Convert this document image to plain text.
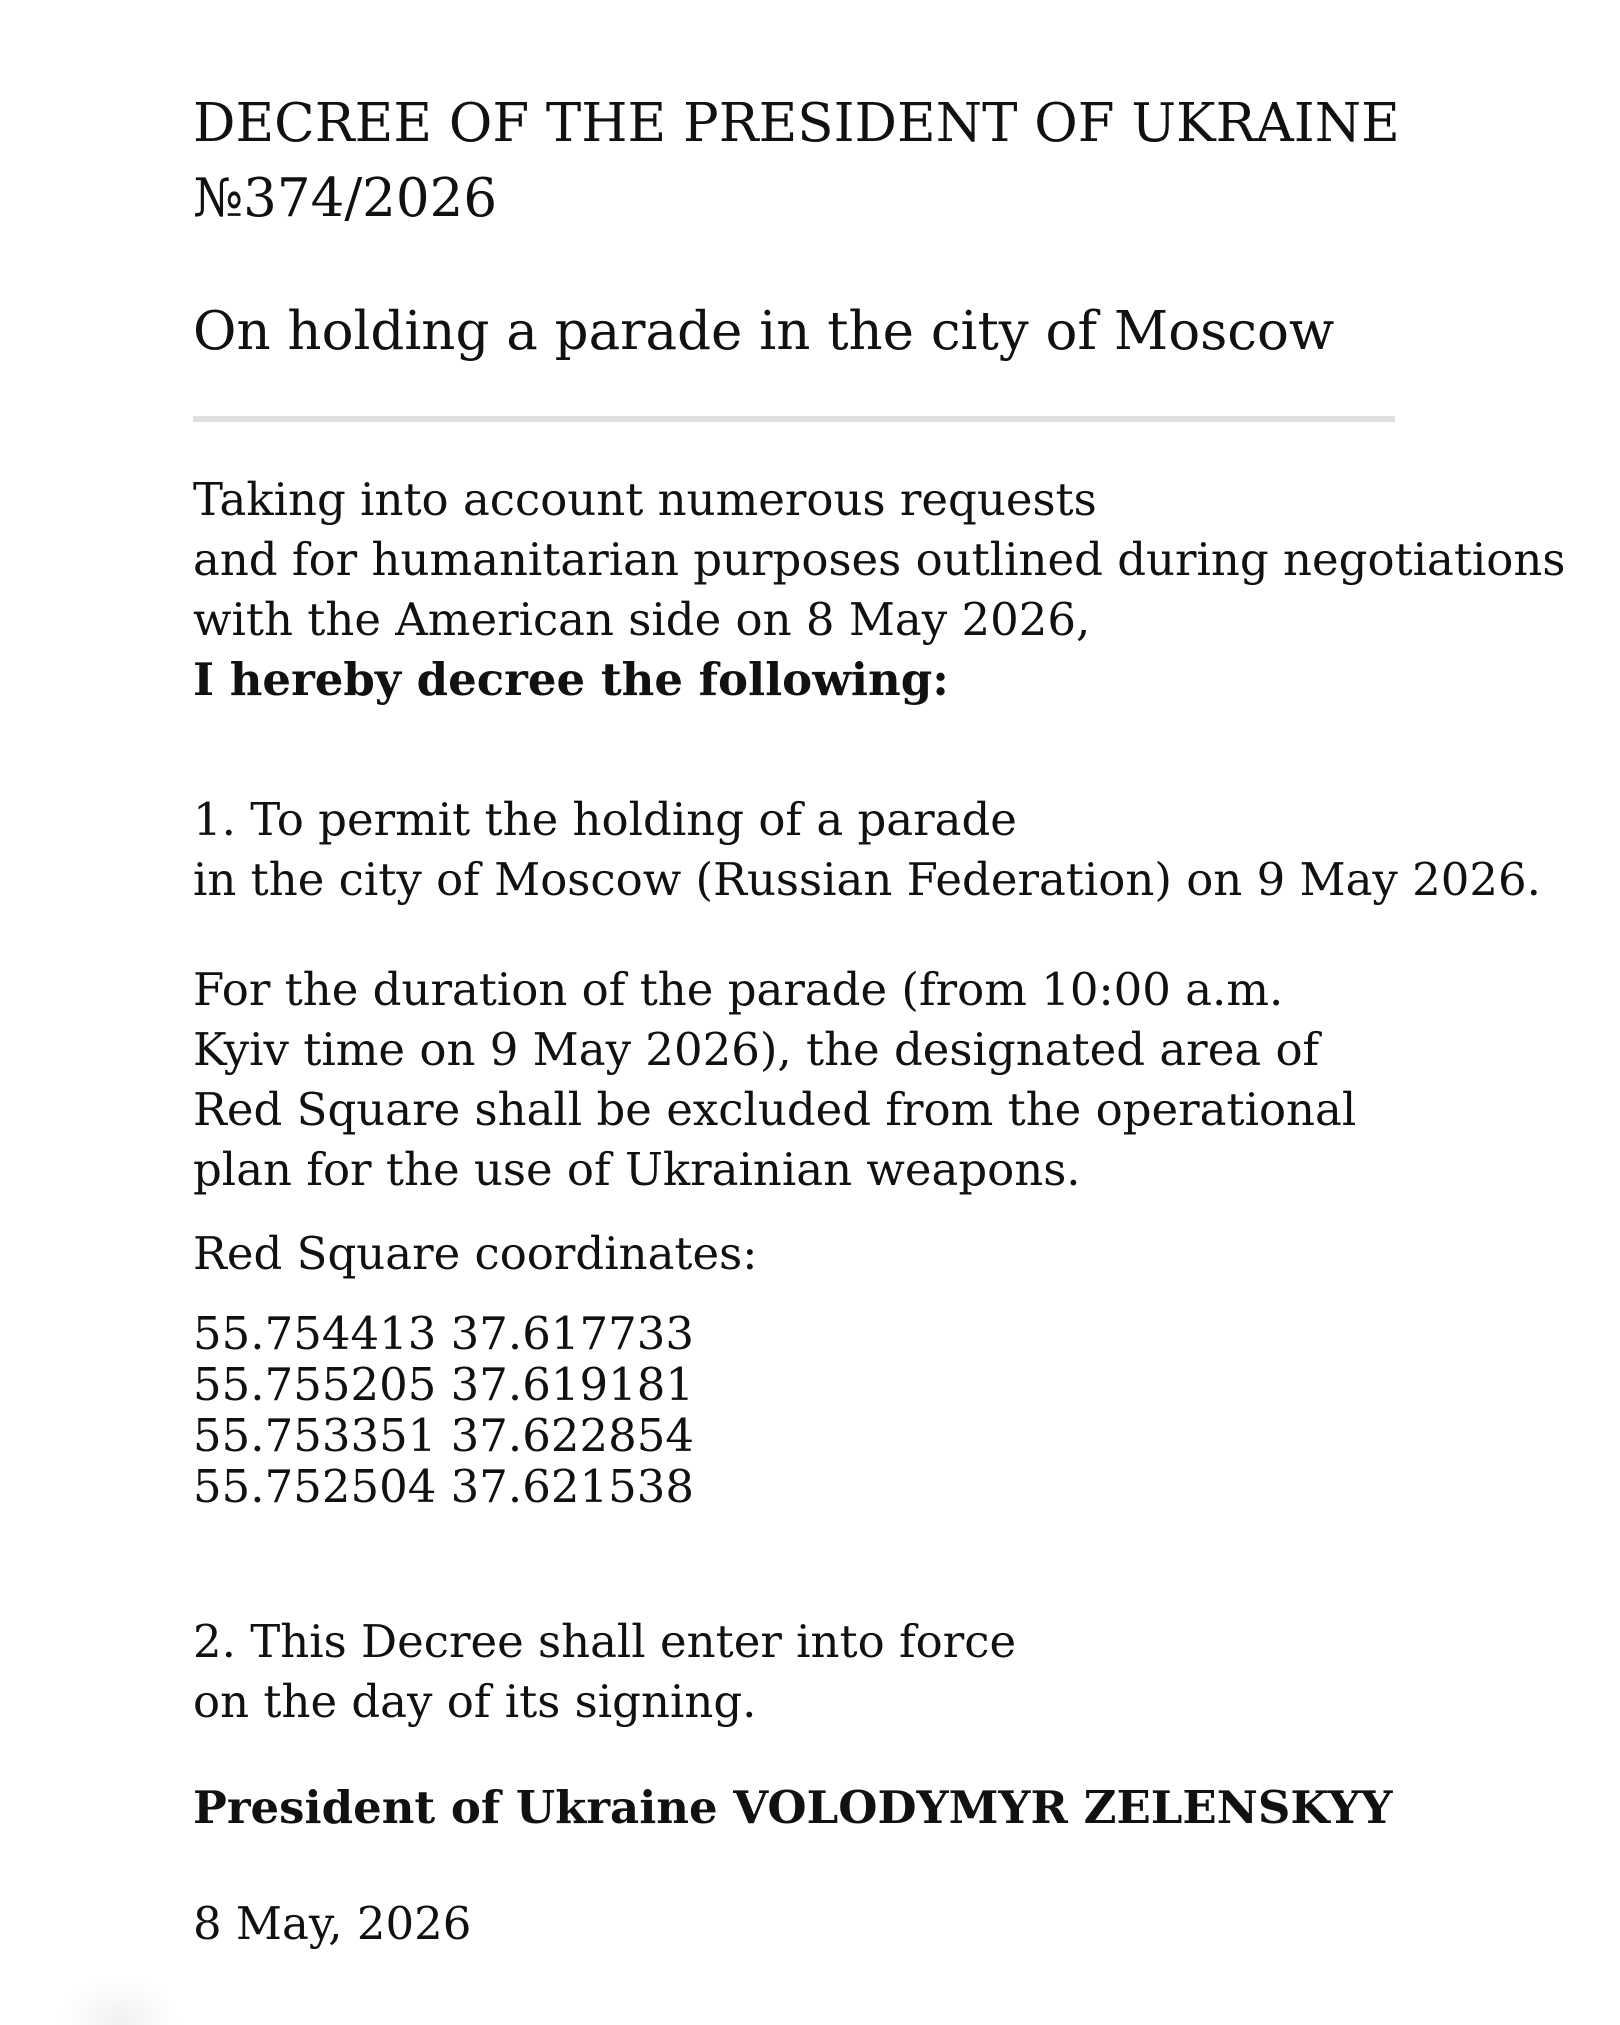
DECREE OF THE PRESIDENT OF UKRAINE

№374/2026

On holding a parade in the city of Moscow

Taking into account numerous requests
and for humanitarian purposes outlined during negotiations
with the American side on 8 May 2026,
I hereby decree the following:
1. To permit the holding of a parade
in the city of Moscow (Russian Federation) on 9 May 2026.
For the duration of the parade (from 10:00 a.m.
Kyiv time on 9 May 2026), the designated area of
Red Square shall be excluded from the operational
plan for the use of Ukrainian weapons.
Red Square coordinates:
55.754413 37.617733
55.755205 37.619181
55.753351 37.622854
55.752504 37.621538
2. This Decree shall enter into force
on the day of its signing.
President of Ukraine VOLODYMYR ZELENSKYY
8 May, 2026
